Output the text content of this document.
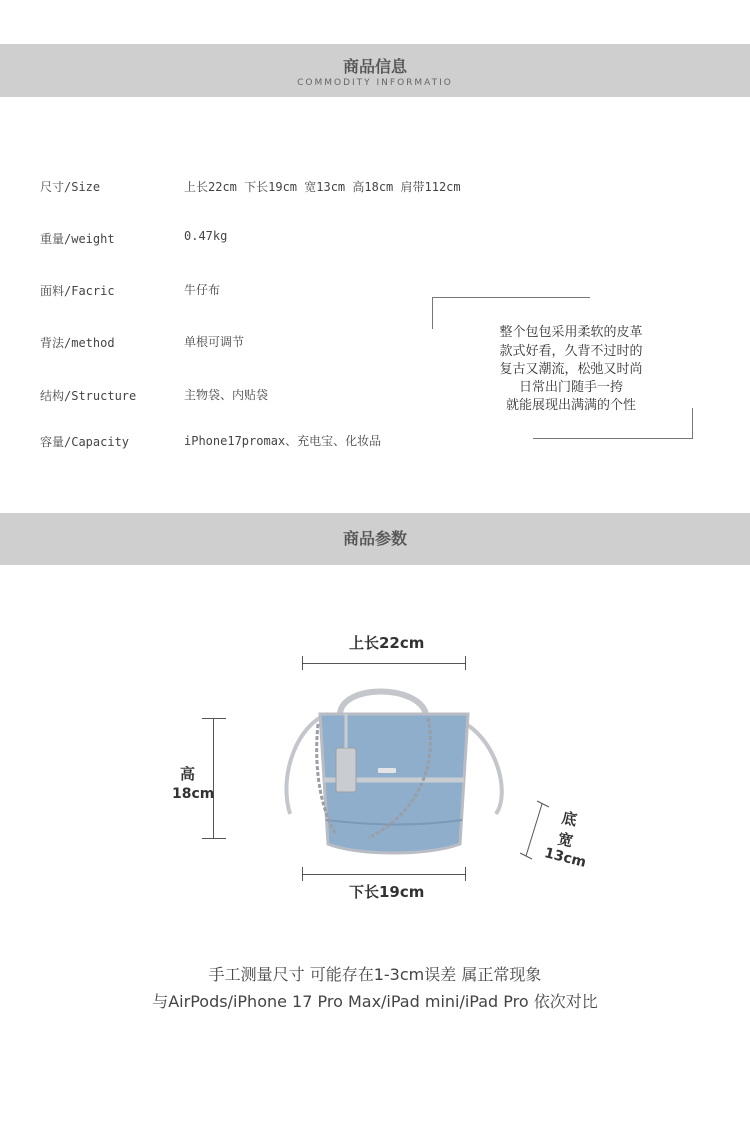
商品信息
COMMODITY INFORMATIO
尺寸/Size	上长22cm 下长19cm 宽13cm 高18cm 肩带112cm
重量/weight	0.47kg
面料/Facric	牛仔布
背法/method	单根可调节
结构/Structure	主物袋、内贴袋
容量/Capacity	iPhone17promax、充电宝、化妆品
整个包包采用柔软的皮革
款式好看，久背不过时的
复古又潮流，松弛又时尚
日常出门随手一挎
就能展现出满满的个性
商品参数
上长22cm
高
18cm
下长19cm
底
宽
13cm
手工测量尺寸 可能存在1-3cm误差 属正常现象
与AirPods/iPhone 17 Pro Max/iPad mini/iPad Pro 依次对比
